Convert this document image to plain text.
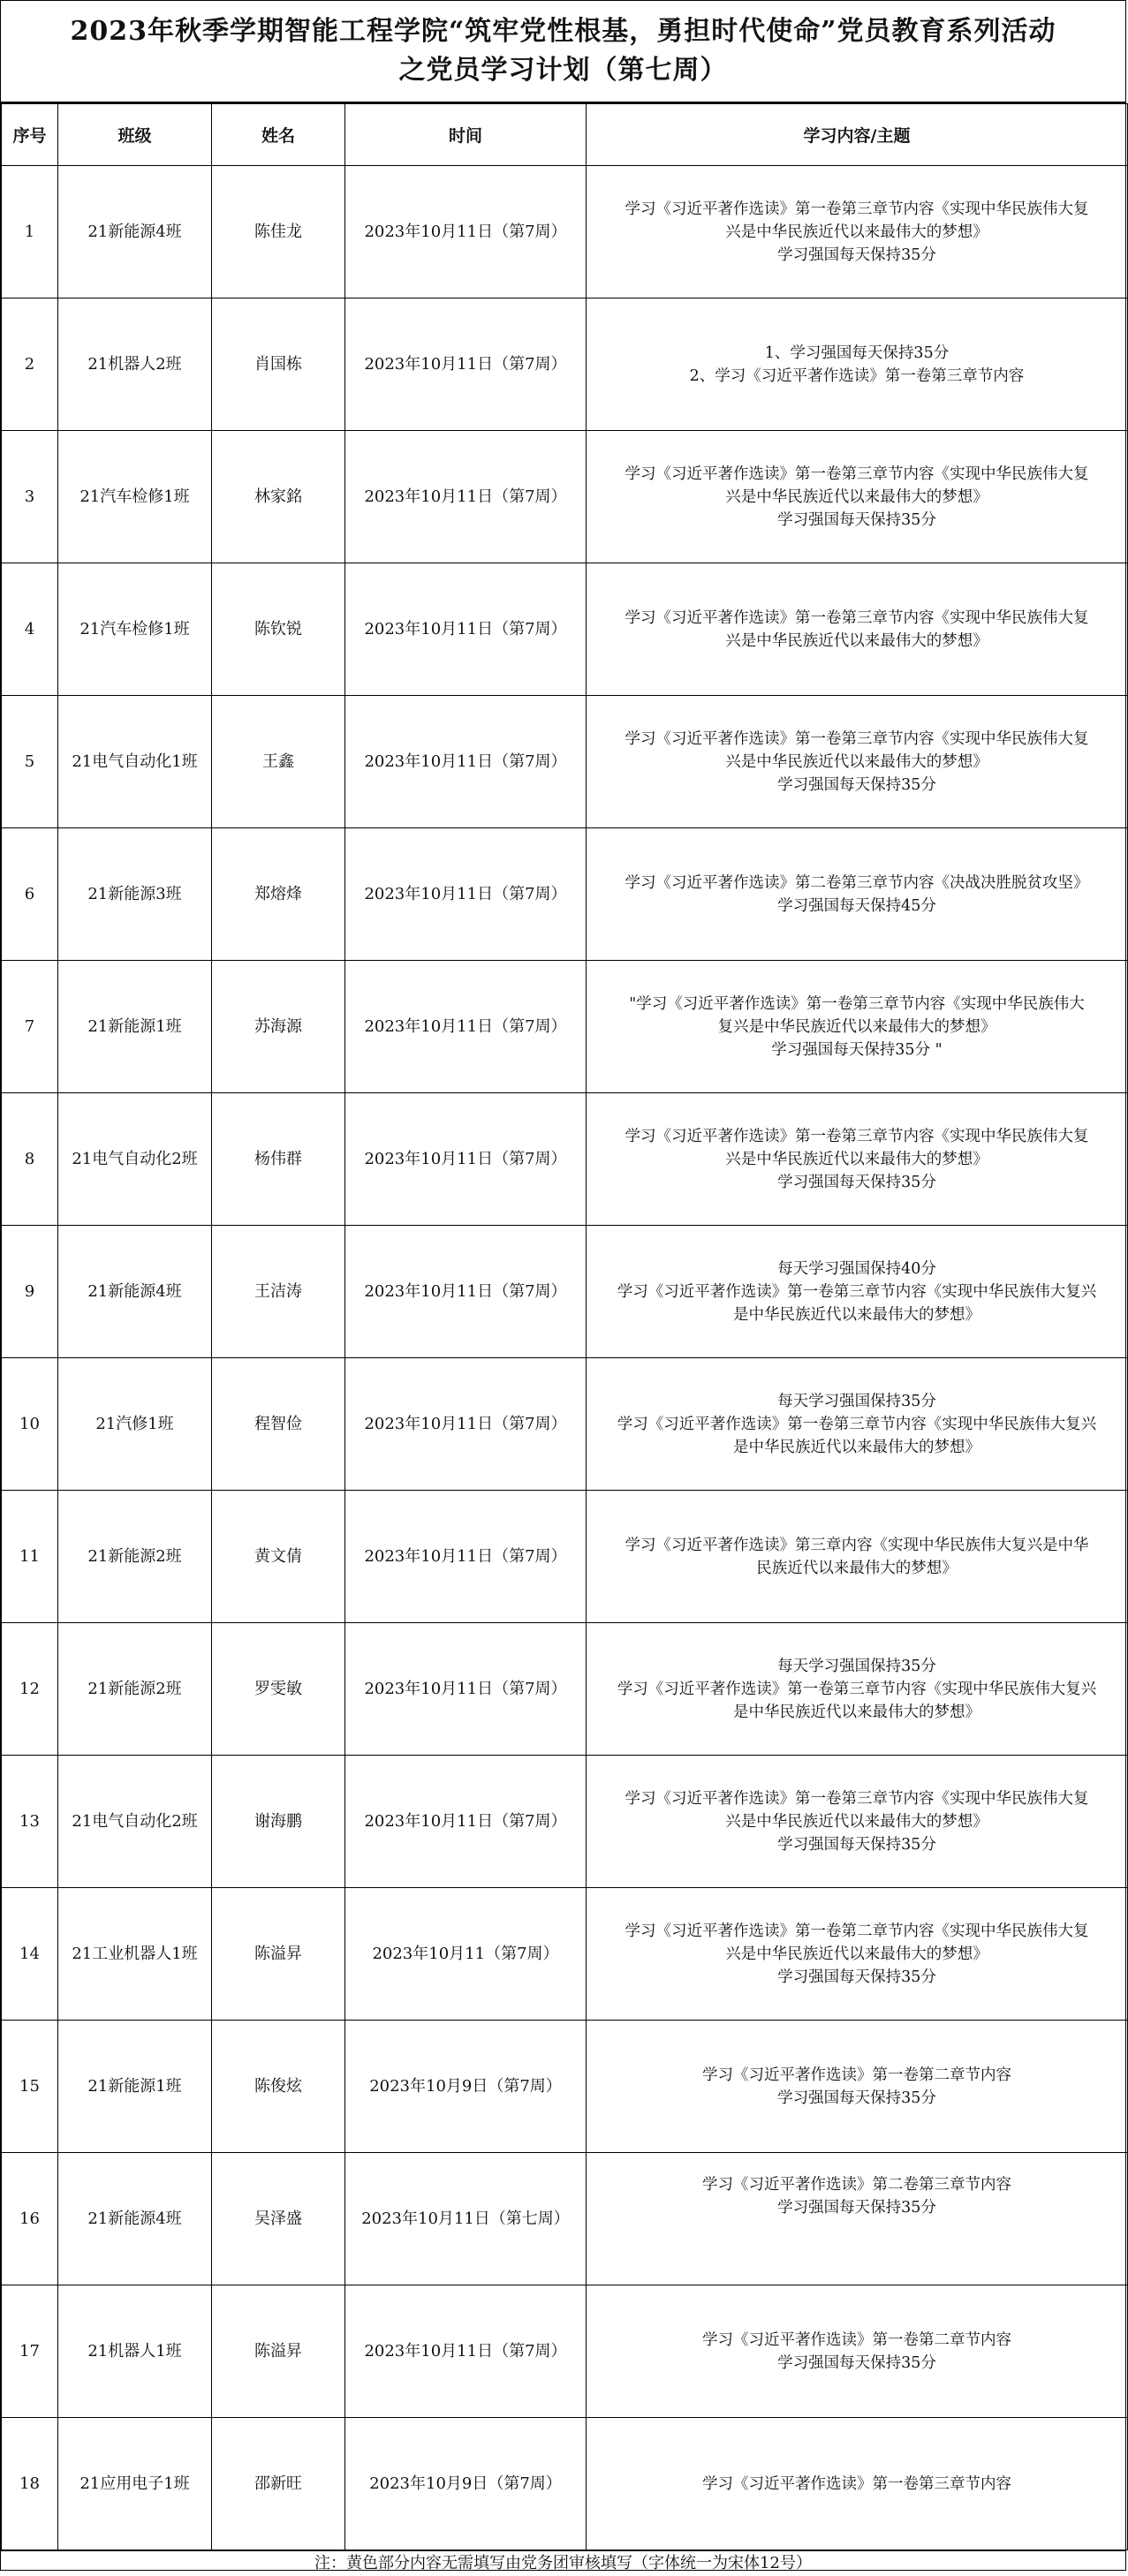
2023年秋季学期智能工程学院“筑牢党性根基，勇担时代使命”党员教育系列活动
之党员学习计划（第七周）
序号	班级	姓名	时间	学习内容/主题
1	21新能源4班	陈佳龙	2023年10月11日（第7周）	学习《习近平著作选读》第一卷第三章节内容《实现中华民族伟大复
兴是中华民族近代以来最伟大的梦想》
学习强国每天保持35分

2	21机器人2班	肖国栋	2023年10月11日（第7周）	1、学习强国每天保持35分
2、学习《习近平著作选读》第一卷第三章节内容

3	21汽车检修1班	林家銘	2023年10月11日（第7周）	学习《习近平著作选读》第一卷第三章节内容《实现中华民族伟大复
兴是中华民族近代以来最伟大的梦想》
学习强国每天保持35分

4	21汽车检修1班	陈钦锐	2023年10月11日（第7周）	学习《习近平著作选读》第一卷第三章节内容《实现中华民族伟大复
兴是中华民族近代以来最伟大的梦想》

5	21电气自动化1班	王鑫	2023年10月11日（第7周）	学习《习近平著作选读》第一卷第三章节内容《实现中华民族伟大复
兴是中华民族近代以来最伟大的梦想》
学习强国每天保持35分

6	21新能源3班	郑熔烽	2023年10月11日（第7周）	学习《习近平著作选读》第二卷第三章节内容《决战决胜脱贫攻坚》
学习强国每天保持45分

7	21新能源1班	苏海源	2023年10月11日（第7周）	"学习《习近平著作选读》第一卷第三章节内容《实现中华民族伟大
复兴是中华民族近代以来最伟大的梦想》
学习强国每天保持35分 "

8	21电气自动化2班	杨伟群	2023年10月11日（第7周）	学习《习近平著作选读》第一卷第三章节内容《实现中华民族伟大复
兴是中华民族近代以来最伟大的梦想》
学习强国每天保持35分

9	21新能源4班	王洁涛	2023年10月11日（第7周）	每天学习强国保持40分
学习《习近平著作选读》第一卷第三章节内容《实现中华民族伟大复兴
是中华民族近代以来最伟大的梦想》

10	21汽修1班	程智俭	2023年10月11日（第7周）	每天学习强国保持35分
学习《习近平著作选读》第一卷第三章节内容《实现中华民族伟大复兴
是中华民族近代以来最伟大的梦想》

11	21新能源2班	黄文倩	2023年10月11日（第7周）	学习《习近平著作选读》第三章内容《实现中华民族伟大复兴是中华
民族近代以来最伟大的梦想》

12	21新能源2班	罗雯敏	2023年10月11日（第7周）	每天学习强国保持35分
学习《习近平著作选读》第一卷第三章节内容《实现中华民族伟大复兴
是中华民族近代以来最伟大的梦想》

13	21电气自动化2班	谢海鹏	2023年10月11日（第7周）	学习《习近平著作选读》第一卷第三章节内容《实现中华民族伟大复
兴是中华民族近代以来最伟大的梦想》
学习强国每天保持35分

14	21工业机器人1班	陈溢昇	2023年10月11（第7周）	学习《习近平著作选读》第一卷第二章节内容《实现中华民族伟大复
兴是中华民族近代以来最伟大的梦想》
学习强国每天保持35分

15	21新能源1班	陈俊炫	2023年10月9日（第7周）	学习《习近平著作选读》第一卷第二章节内容
学习强国每天保持35分

16	21新能源4班	吴泽盛	2023年10月11日（第七周）	学习《习近平著作选读》第二卷第三章节内容
学习强国每天保持35分

17	21机器人1班	陈溢昇	2023年10月11日（第7周）	学习《习近平著作选读》第一卷第二章节内容
学习强国每天保持35分

18	21应用电子1班	邵新旺	2023年10月9日（第7周）	学习《习近平著作选读》第一卷第三章节内容
注：黄色部分内容无需填写由党务团审核填写（字体统一为宋体12号）
